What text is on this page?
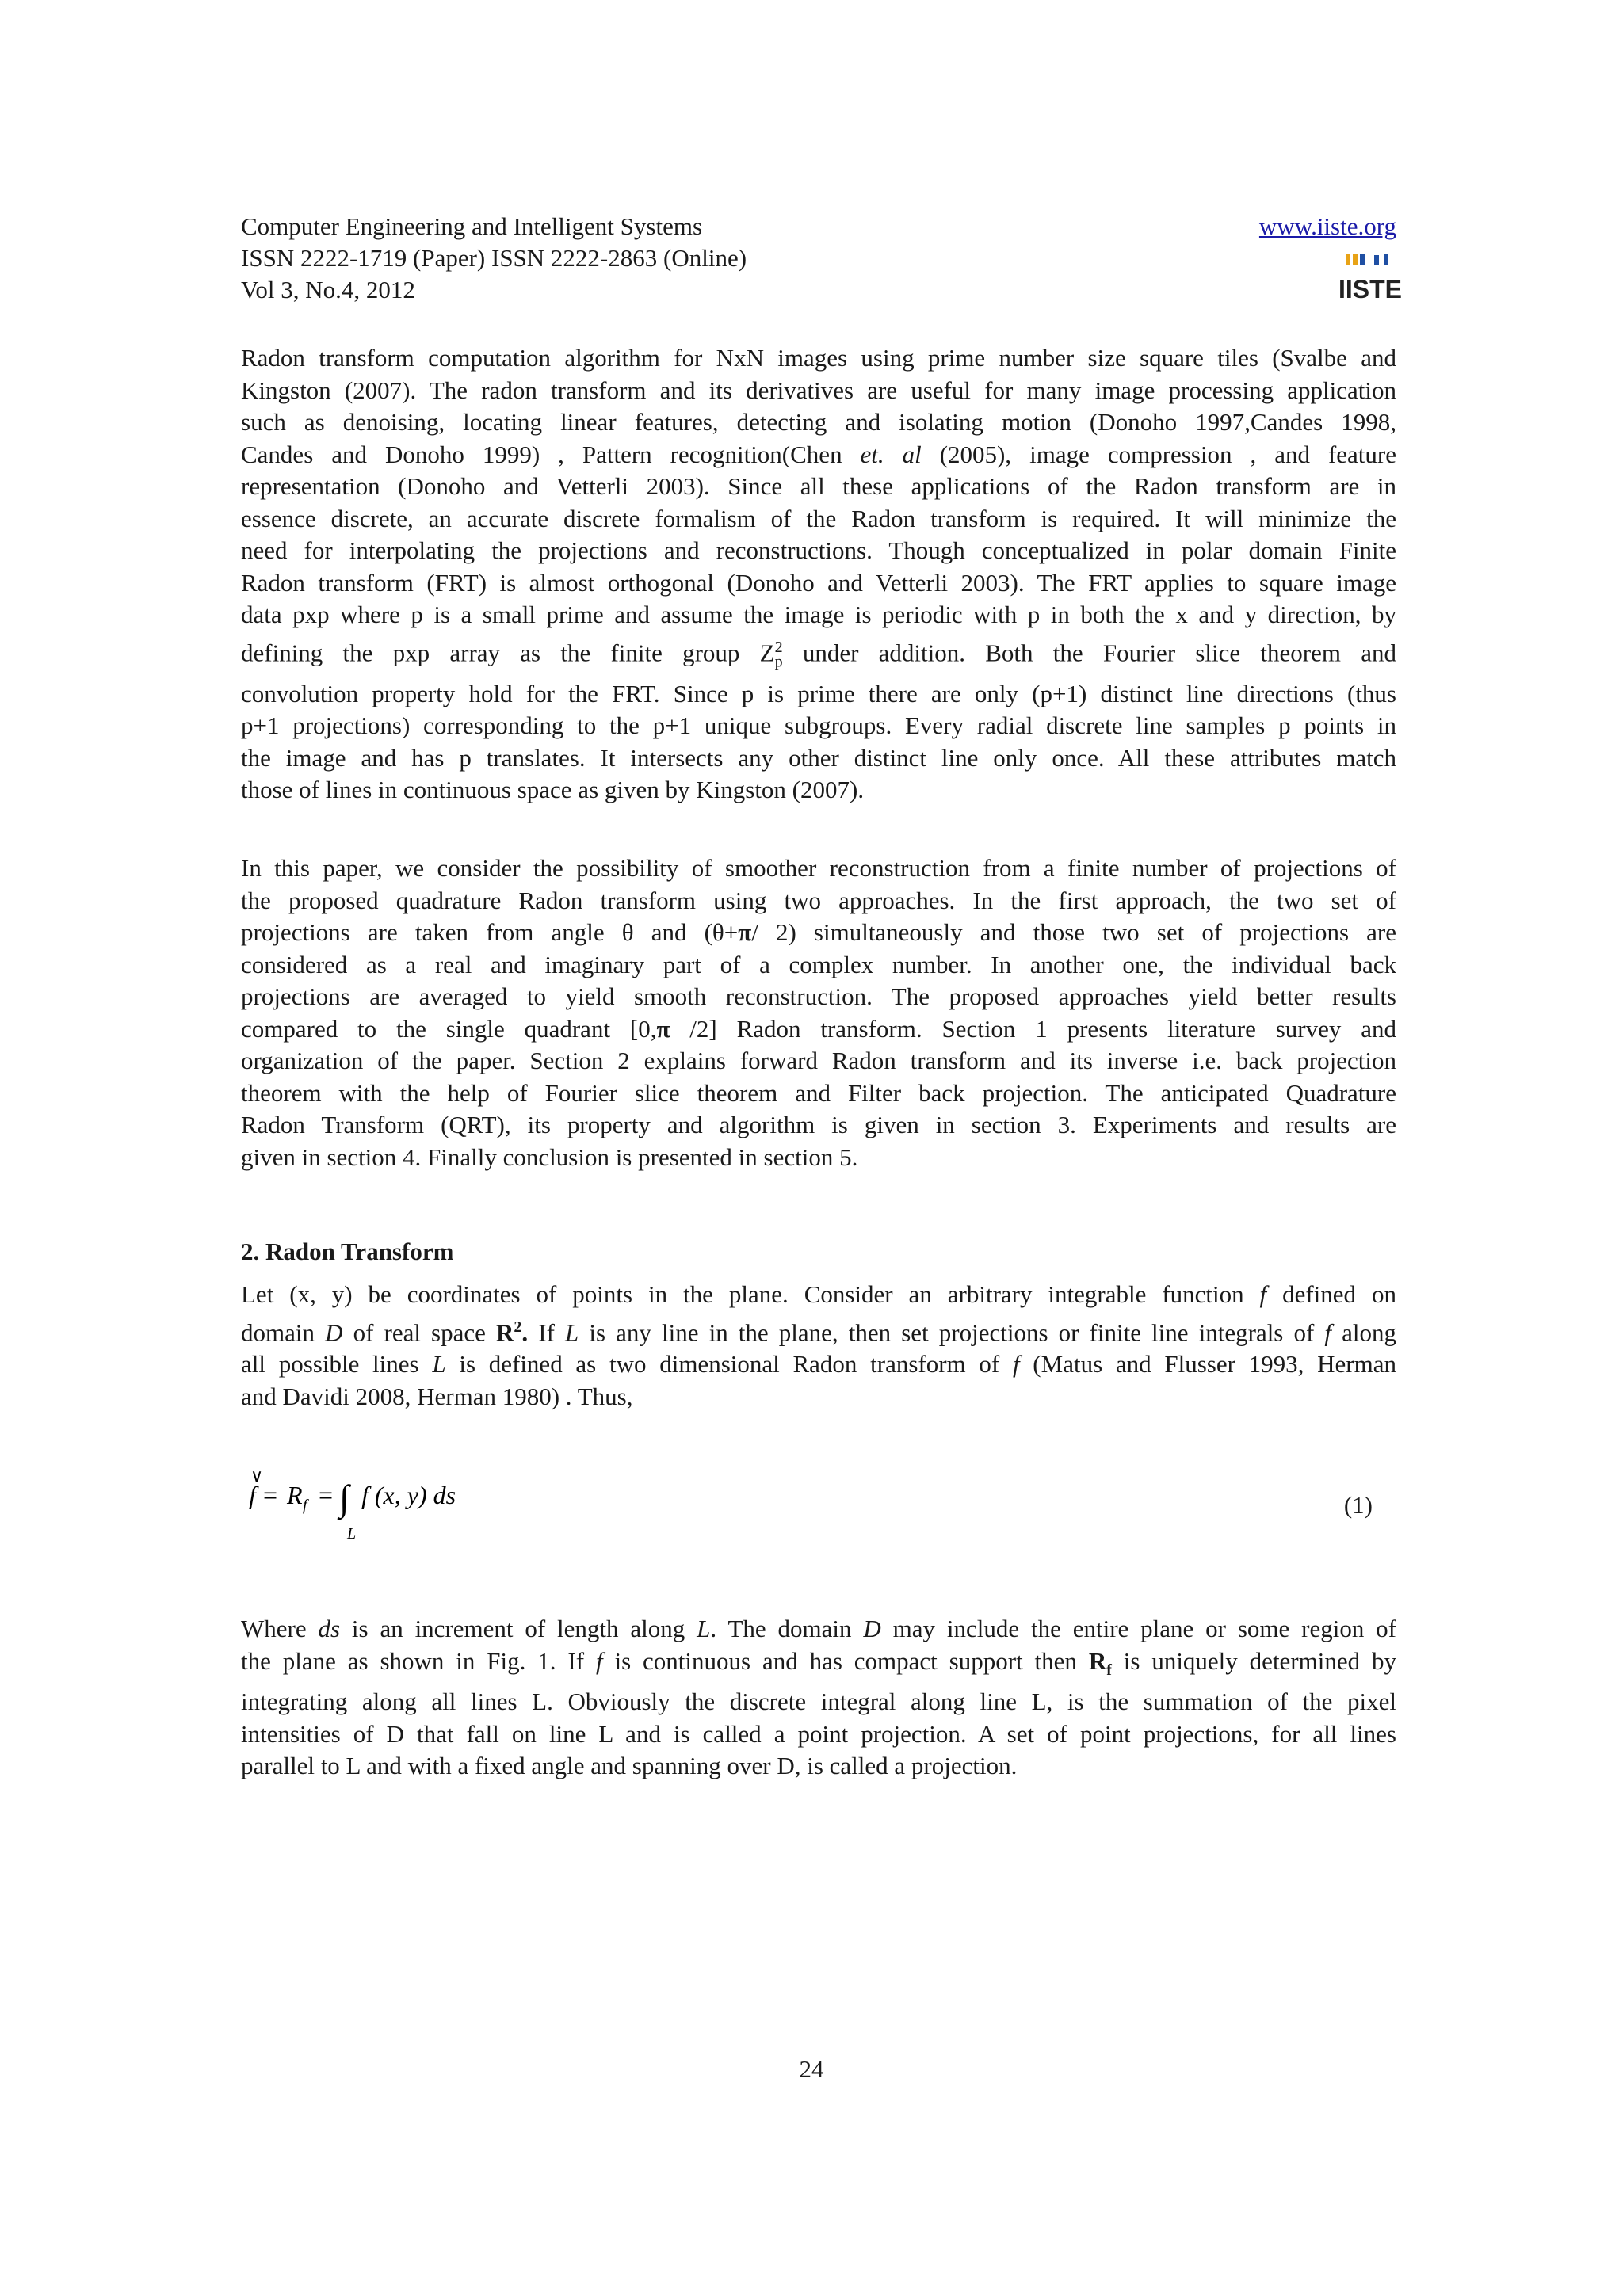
Computer Engineering and Intelligent Systems
ISSN 2222-1719 (Paper) ISSN 2222-2863 (Online)
Vol 3, No.4, 2012
www.iiste.org
IISTE
Radon transform computation algorithm for NxN images using prime number size square tiles (Svalbe and
Kingston (2007). The radon transform and its derivatives are useful for many image processing application
such as denoising, locating linear features, detecting and isolating motion (Donoho 1997,Candes 1998,
Candes and Donoho 1999) , Pattern recognition(Chen et. al (2005), image compression , and feature
representation (Donoho and Vetterli 2003). Since all these applications of the Radon transform are in
essence discrete, an accurate discrete formalism of the Radon transform is required. It will minimize the
need for interpolating the projections and reconstructions. Though conceptualized in polar domain Finite
Radon transform (FRT) is almost orthogonal (Donoho and Vetterli 2003). The FRT applies to square image
data pxp where p is a small prime and assume the image is periodic with p in both the x and y direction, by
defining the pxp array as the finite group $Z_p^2$ under addition. Both the Fourier slice theorem and
convolution property hold for the FRT. Since p is prime there are only (p+1) distinct line directions (thus
p+1 projections) corresponding to the p+1 unique subgroups. Every radial discrete line samples p points in
the image and has p translates. It intersects any other distinct line only once. All these attributes match
those of lines in continuous space as given by Kingston (2007).
In this paper, we consider the possibility of smoother reconstruction from a finite number of projections of
the proposed quadrature Radon transform using two approaches. In the first approach, the two set of
projections are taken from angle θ and (θ+π/ 2) simultaneously and those two set of projections are
considered as a real and imaginary part of a complex number. In another one, the individual back
projections are averaged to yield smooth reconstruction. The proposed approaches yield better results
compared to the single quadrant [0,π /2] Radon transform. Section 1 presents literature survey and
organization of the paper. Section 2 explains forward Radon transform and its inverse i.e. back projection
theorem with the help of Fourier slice theorem and Filter back projection. The anticipated Quadrature
Radon Transform (QRT), its property and algorithm is given in section 3. Experiments and results are
given in section 4. Finally conclusion is presented in section 5.
2. Radon Transform
Let (x, y) be coordinates of points in the plane. Consider an arbitrary integrable function f defined on
domain D of real space $R^2$. If L is any line in the plane, then set projections or finite line integrals of f along
all possible lines L is defined as two dimensional Radon transform of f (Matus and Flusser 1993, Herman
and Davidi 2008, Herman 1980) . Thus,
∨
f = R f = ∫
L
f (x, y) ds	(1)
Where ds is an increment of length along L. The domain D may include the entire plane or some region of
the plane as shown in Fig. 1. If f is continuous and has compact support then $R_f$ is uniquely determined by
integrating along all lines L. Obviously the discrete integral along line L, is the summation of the pixel
intensities of D that fall on line L and is called a point projection. A set of point projections, for all lines
parallel to L and with a fixed angle and spanning over D, is called a projection.
24
